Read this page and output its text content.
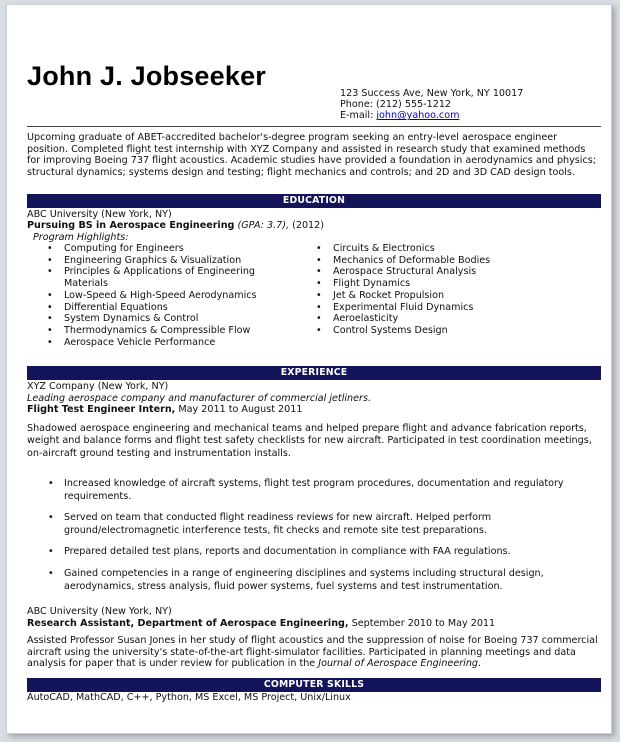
John J. Jobseeker
123 Success Ave, New York, NY 10017
Phone: (212) 555-1212
E-mail: john@yahoo.com
Upcoming graduate of ABET-accredited bachelor's-degree program seeking an entry-level aerospace engineer position. Completed flight test internship with XYZ Company and assisted in research study that examined methods for improving Boeing 737 flight acoustics. Academic studies have provided a foundation in aerodynamics and physics; structural dynamics; systems design and testing; flight mechanics and controls; and 2D and 3D CAD design tools.
EDUCATION
ABC University (New York, NY)
Pursuing BS in Aerospace Engineering (GPA: 3.7), (2012)
Program Highlights:
• Computing for Engineers
• Engineering Graphics & Visualization
• Principles & Applications of Engineering
Materials
• Low-Speed & High-Speed Aerodynamics
• Differential Equations
• System Dynamics & Control
• Thermodynamics & Compressible Flow
• Aerospace Vehicle Performance
• Circuits & Electronics
• Mechanics of Deformable Bodies
• Aerospace Structural Analysis
• Flight Dynamics
• Jet & Rocket Propulsion
• Experimental Fluid Dynamics
• Aeroelasticity
• Control Systems Design
EXPERIENCE
XYZ Company (New York, NY)
Leading aerospace company and manufacturer of commercial jetliners.
Flight Test Engineer Intern, May 2011 to August 2011
Shadowed aerospace engineering and mechanical teams and helped prepare flight and advance fabrication reports, weight and balance forms and flight test safety checklists for new aircraft. Participated in test coordination meetings, on-aircraft ground testing and instrumentation installs.
• Increased knowledge of aircraft systems, flight test program procedures, documentation and regulatory requirements.
• Served on team that conducted flight readiness reviews for new aircraft. Helped perform ground/electromagnetic interference tests, fit checks and remote site test preparations.
• Prepared detailed test plans, reports and documentation in compliance with FAA regulations.
• Gained competencies in a range of engineering disciplines and systems including structural design, aerodynamics, stress analysis, fluid power systems, fuel systems and test instrumentation.
ABC University (New York, NY)
Research Assistant, Department of Aerospace Engineering, September 2010 to May 2011
Assisted Professor Susan Jones in her study of flight acoustics and the suppression of noise for Boeing 737 commercial aircraft using the university's state-of-the-art flight-simulator facilities. Participated in planning meetings and data analysis for paper that is under review for publication in the Journal of Aerospace Engineering.
COMPUTER SKILLS
AutoCAD, MathCAD, C++, Python, MS Excel, MS Project, Unix/Linux
